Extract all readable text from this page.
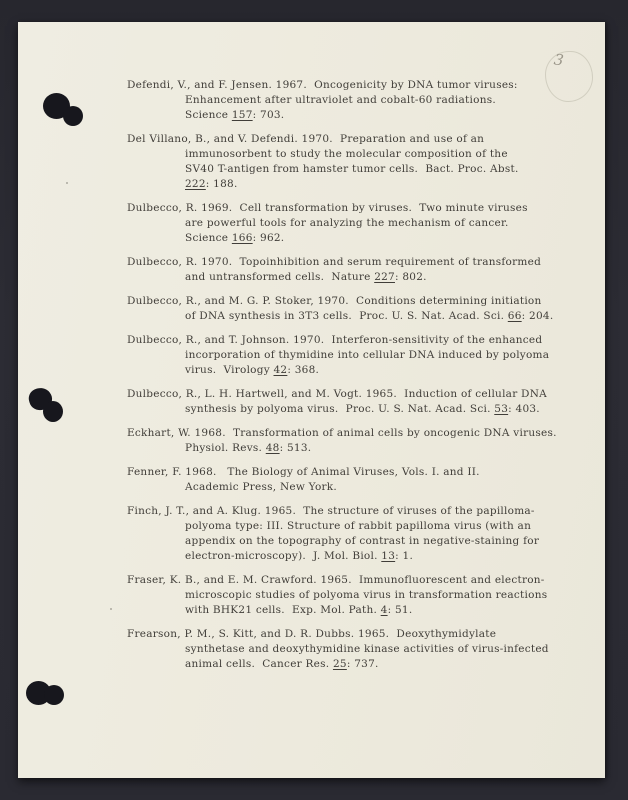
3
Defendi, V., and F. Jensen. 1967.  Oncogenicity by DNA tumor viruses:
Enhancement after ultraviolet and cobalt-60 radiations.
Science 157: 703.
Del Villano, B., and V. Defendi. 1970.  Preparation and use of an
immunosorbent to study the molecular composition of the
SV40 T-antigen from hamster tumor cells.  Bact. Proc. Abst.
222: 188.
Dulbecco, R. 1969.  Cell transformation by viruses.  Two minute viruses
are powerful tools for analyzing the mechanism of cancer.
Science 166: 962.
Dulbecco, R. 1970.  Topoinhibition and serum requirement of transformed
and untransformed cells.  Nature 227: 802.
Dulbecco, R., and M. G. P. Stoker, 1970.  Conditions determining initiation
of DNA synthesis in 3T3 cells.  Proc. U. S. Nat. Acad. Sci. 66: 204.
Dulbecco, R., and T. Johnson. 1970.  Interferon-sensitivity of the enhanced
incorporation of thymidine into cellular DNA induced by polyoma
virus.  Virology 42: 368.
Dulbecco, R., L. H. Hartwell, and M. Vogt. 1965.  Induction of cellular DNA
synthesis by polyoma virus.  Proc. U. S. Nat. Acad. Sci. 53: 403.
Eckhart, W. 1968.  Transformation of animal cells by oncogenic DNA viruses.
Physiol. Revs. 48: 513.
Fenner, F. 1968.   The Biology of Animal Viruses, Vols. I. and II.
Academic Press, New York.
Finch, J. T., and A. Klug. 1965.  The structure of viruses of the papilloma-
polyoma type: III. Structure of rabbit papilloma virus (with an
appendix on the topography of contrast in negative-staining for
electron-microscopy).  J. Mol. Biol. 13: 1.
Fraser, K. B., and E. M. Crawford. 1965.  Immunofluorescent and electron-
microscopic studies of polyoma virus in transformation reactions
with BHK21 cells.  Exp. Mol. Path. 4: 51.
Frearson, P. M., S. Kitt, and D. R. Dubbs. 1965.  Deoxythymidylate
synthetase and deoxythymidine kinase activities of virus-infected
animal cells.  Cancer Res. 25: 737.
